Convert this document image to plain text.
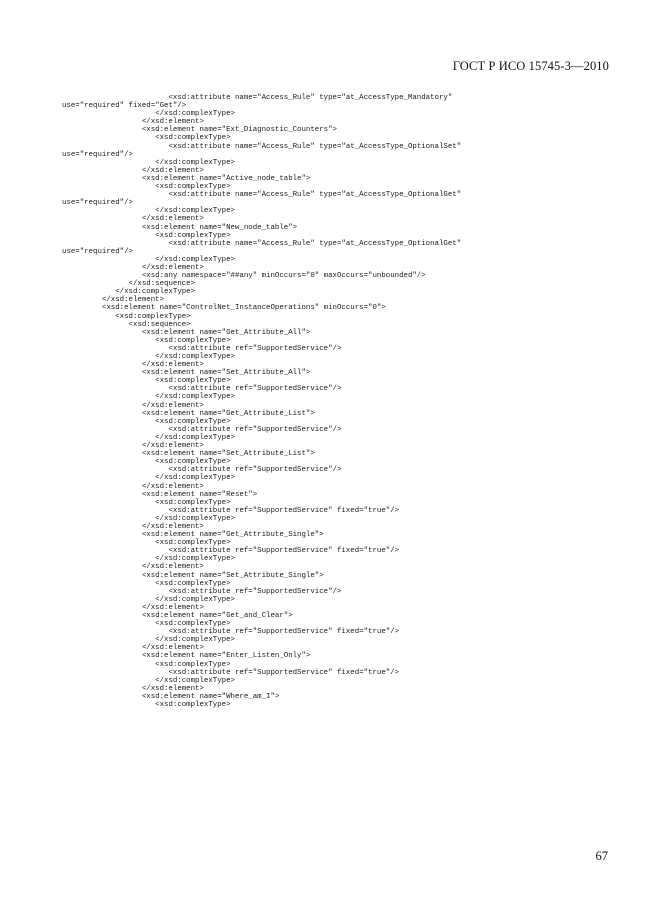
ГОСТ Р ИСО 15745-3—2010
<xsd:attribute name="Access_Rule" type="at_AccessType_Mandatory"
use="required" fixed="Get"/>
</xsd:complexType>
</xsd:element>
<xsd:element name="Ext_Diagnostic_Counters">
<xsd:complexType>
<xsd:attribute name="Access_Rule" type="at_AccessType_OptionalSet"
use="required"/>
</xsd:complexType>
</xsd:element>
<xsd:element name="Active_node_table">
<xsd:complexType>
<xsd:attribute name="Access_Rule" type="at_AccessType_OptionalGet"
use="required"/>
</xsd:complexType>
</xsd:element>
<xsd:element name="New_node_table">
<xsd:complexType>
<xsd:attribute name="Access_Rule" type="at_AccessType_OptionalGet"
use="required"/>
</xsd:complexType>
</xsd:element>
<xsd:any namespace="##any" minOccurs="0" maxOccurs="unbounded"/>
</xsd:sequence>
</xsd:complexType>
</xsd:element>
<xsd:element name="ControlNet_InstanceOperations" minOccurs="0">
<xsd:complexType>
<xsd:sequence>
<xsd:element name="Get_Attribute_All">
<xsd:complexType>
<xsd:attribute ref="SupportedService"/>
</xsd:complexType>
</xsd:element>
<xsd:element name="Set_Attribute_All">
<xsd:complexType>
<xsd:attribute ref="SupportedService"/>
</xsd:complexType>
</xsd:element>
<xsd:element name="Get_Attribute_List">
<xsd:complexType>
<xsd:attribute ref="SupportedService"/>
</xsd:complexType>
</xsd:element>
<xsd:element name="Set_Attribute_List">
<xsd:complexType>
<xsd:attribute ref="SupportedService"/>
</xsd:complexType>
</xsd:element>
<xsd:element name="Reset">
<xsd:complexType>
<xsd:attribute ref="SupportedService" fixed="true"/>
</xsd:complexType>
</xsd:element>
<xsd:element name="Get_Attribute_Single">
<xsd:complexType>
<xsd:attribute ref="SupportedService" fixed="true"/>
</xsd:complexType>
</xsd:element>
<xsd:element name="Set_Attribute_Single">
<xsd:complexType>
<xsd:attribute ref="SupportedService"/>
</xsd:complexType>
</xsd:element>
<xsd:element name="Get_and_Clear">
<xsd:complexType>
<xsd:attribute ref="SupportedService" fixed="true"/>
</xsd:complexType>
</xsd:element>
<xsd:element name="Enter_Listen_Only">
<xsd:complexType>
<xsd:attribute ref="SupportedService" fixed="true"/>
</xsd:complexType>
</xsd:element>
<xsd:element name="Where_am_I">
<xsd:complexType>
67
